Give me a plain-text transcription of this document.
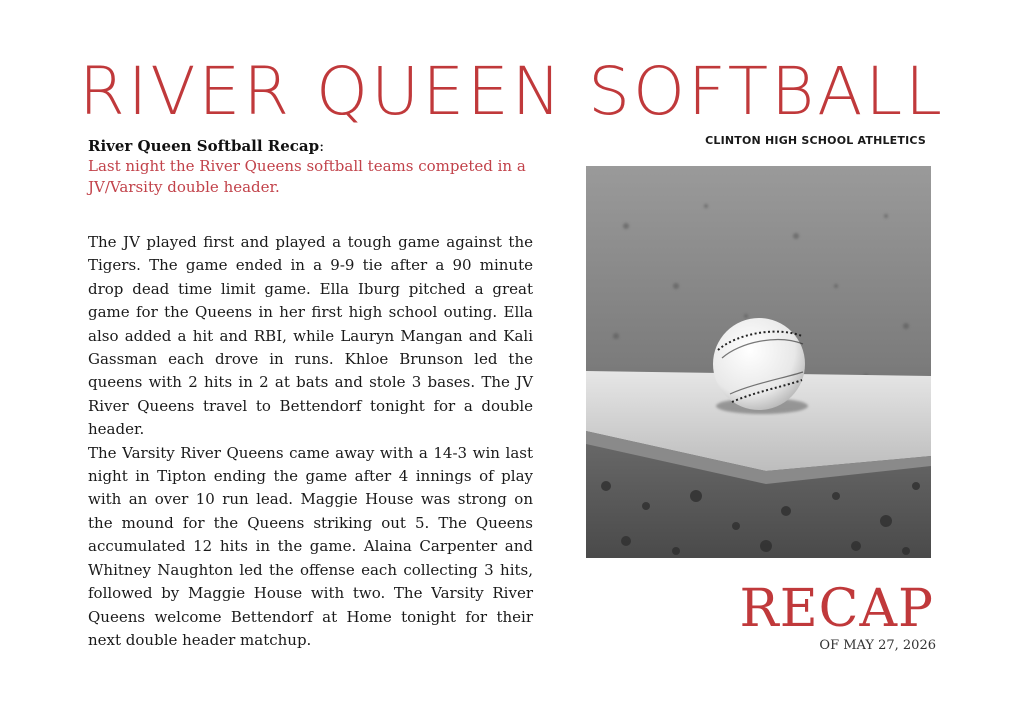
RIVER QUEEN SOFTBALL
River Queen Softball Recap:
Last night the River Queens softball teams competed in a JV/Varsity double header.

The JV played first and played a tough game against the Tigers. The game ended in a 9-9 tie after a 90 minute drop dead time limit game. Ella Iburg pitched a great game for the Queens in her first high school outing. Ella also added a hit and RBI, while Lauryn Mangan and Kali Gassman each drove in runs. Khloe Brunson led the queens with 2 hits in 2 at bats and stole 3 bases. The JV River Queens travel to Bettendorf tonight for a double header.

The Varsity River Queens came away with a 14-3 win last night in Tipton ending the game after 4 innings of play with an over 10 run lead. Maggie House was strong on the mound for the Queens striking out 5. The Queens accumulated 12 hits in the game. Alaina Carpenter and Whitney Naughton led the offense each collecting 3 hits, followed by Maggie House with two. The Varsity River Queens welcome Bettendorf at Home tonight for their next double header matchup.

CLINTON HIGH SCHOOL ATHLETICS
RECAP
OF MAY 27, 2026
